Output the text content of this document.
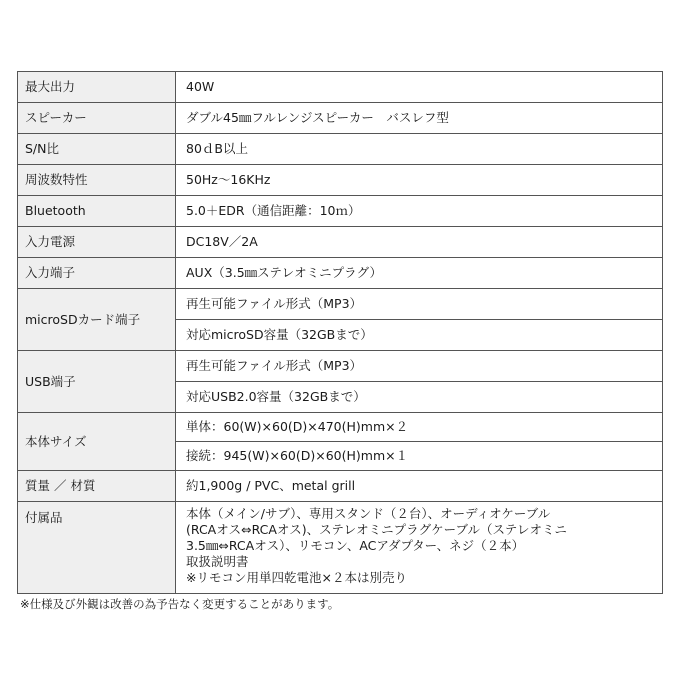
最大出力	40W
スピーカー	ダブル45㎜フルレンジスピーカー　バスレフ型
S/N比	80ｄB以上
周波数特性	50Hz～16KHz
Bluetooth	5.0＋EDR（通信距離：10ｍ）
入力電源	DC18V／2A
入力端子	AUX（3.5㎜ステレオミニプラグ）
microSDカード端子	再生可能ファイル形式（MP3）
	対応microSD容量（32GBまで）
USB端子	再生可能ファイル形式（MP3）
	対応USB2.0容量（32GBまで）
本体サイズ	単体：60(W)×60(D)×470(H)mm×２
	接続：945(W)×60(D)×60(H)mm×１
質量 ／ 材質	約1,900g / PVC、metal grill
付属品	本体（メイン/サブ）、専用スタンド（２台）、オーディオケーブル
(RCAオス⇔RCAオス)、ステレオミニプラグケーブル（ステレオミニ
3.5㎜⇔RCAオス）、リモコン、ACアダプター、ネジ（２本）
取扱説明書
※リモコン用単四乾電池×２本は別売り
※仕様及び外観は改善の為予告なく変更することがあります。
